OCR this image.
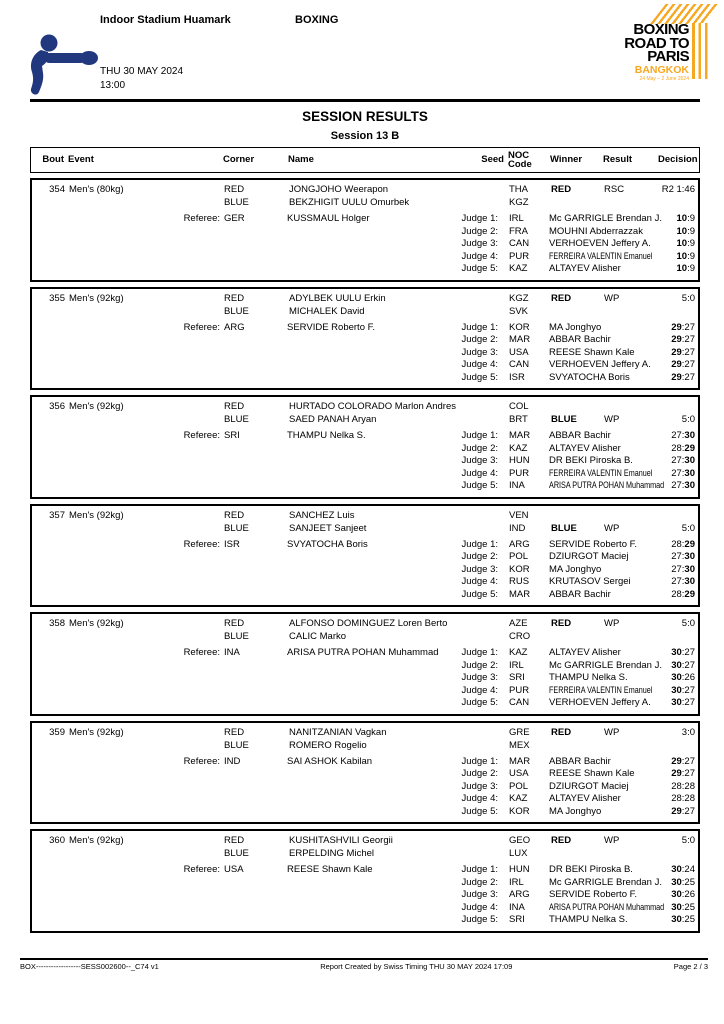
Indoor Stadium Huamark	BOXING
THU 30 MAY 2024
13:00
BOXING
ROAD TO
PARIS
BANGKOK
24 May – 2 June 2024
SESSION RESULTS
Session 13 B
Bout Event	Corner	Name	Seed NOC Code	Winner	Result	Decision
354 Men's (80kg)	RED	JONGJOHO Weerapon	THA	RED	RSC	R2 1:46
BLUE	BEKZHIGIT UULU Omurbek	KGZ
Referee: GER	KUSSMAUL Holger	Judge 1:	IRL	Mc GARRIGLE Brendan J.	10:9
Judge 2:	FRA	MOUHNI Abderrazzak	10:9
Judge 3:	CAN	VERHOEVEN Jeffery A.	10:9
Judge 4:	PUR	FERREIRA VALENTIN Emanuel	10:9
Judge 5:	KAZ	ALTAYEV Alisher	10:9
355 Men's (92kg)	RED	ADYLBEK UULU Erkin	KGZ	RED	WP	5:0
BLUE	MICHALEK David	SVK
Referee: ARG	SERVIDE Roberto F.	Judge 1:	KOR	MA Jonghyo	29:27
Judge 2:	MAR	ABBAR Bachir	29:27
Judge 3:	USA	REESE Shawn Kale	29:27
Judge 4:	CAN	VERHOEVEN Jeffery A.	29:27
Judge 5:	ISR	SVYATOCHA Boris	29:27
356 Men's (92kg)	RED	HURTADO COLORADO Marlon Andres	COL
BLUE	SAED PANAH Aryan	BRT	BLUE	WP	5:0
Referee: SRI	THAMPU Nelka S.	Judge 1:	MAR	ABBAR Bachir	27:30
Judge 2:	KAZ	ALTAYEV Alisher	28:29
Judge 3:	HUN	DR BEKI Piroska B.	27:30
Judge 4:	PUR	FERREIRA VALENTIN Emanuel	27:30
Judge 5:	INA	ARISA PUTRA POHAN Muhammad 27:30
357 Men's (92kg)	RED	SANCHEZ Luis	VEN
BLUE	SANJEET Sanjeet	IND	BLUE	WP	5:0
Referee: ISR	SVYATOCHA Boris	Judge 1:	ARG	SERVIDE Roberto F.	28:29
Judge 2:	POL	DZIURGOT Maciej	27:30
Judge 3:	KOR	MA Jonghyo	27:30
Judge 4:	RUS	KRUTASOV Sergei	27:30
Judge 5:	MAR	ABBAR Bachir	28:29
358 Men's (92kg)	RED	ALFONSO DOMINGUEZ Loren Berto	AZE	RED	WP	5:0
BLUE	CALIC Marko	CRO
Referee: INA	ARISA PUTRA POHAN Muhammad	Judge 1:	KAZ	ALTAYEV Alisher	30:27
Judge 2:	IRL	Mc GARRIGLE Brendan J. 30:27
Judge 3:	SRI	THAMPU Nelka S.	30:26
Judge 4:	PUR	FERREIRA VALENTIN Emanuel	30:27
Judge 5:	CAN	VERHOEVEN Jeffery A.	30:27
359 Men's (92kg)	RED	NANITZANIAN Vagkan	GRE	RED	WP	3:0
BLUE	ROMERO Rogelio	MEX
Referee: IND	SAI ASHOK Kabilan	Judge 1:	MAR	ABBAR Bachir	29:27
Judge 2:	USA	REESE Shawn Kale	29:27
Judge 3:	POL	DZIURGOT Maciej	28:28
Judge 4:	KAZ	ALTAYEV Alisher	28:28
Judge 5:	KOR	MA Jonghyo	29:27
360 Men's (92kg)	RED	KUSHITASHVILI Georgii	GEO	RED	WP	5:0
BLUE	ERPELDING Michel	LUX
Referee: USA	REESE Shawn Kale	Judge 1:	HUN	DR BEKI Piroska B.	30:24
Judge 2:	IRL	Mc GARRIGLE Brendan J. 30:25
Judge 3:	ARG	SERVIDE Roberto F.	30:26
Judge 4:	INA	ARISA PUTRA POHAN Muhammad 30:25
Judge 5:	SRI	THAMPU Nelka S.	30:25
BOX------------------SESS002600--_C74 v1	Report Created by Swiss Timing THU 30 MAY 2024 17:09	Page 2 / 3
